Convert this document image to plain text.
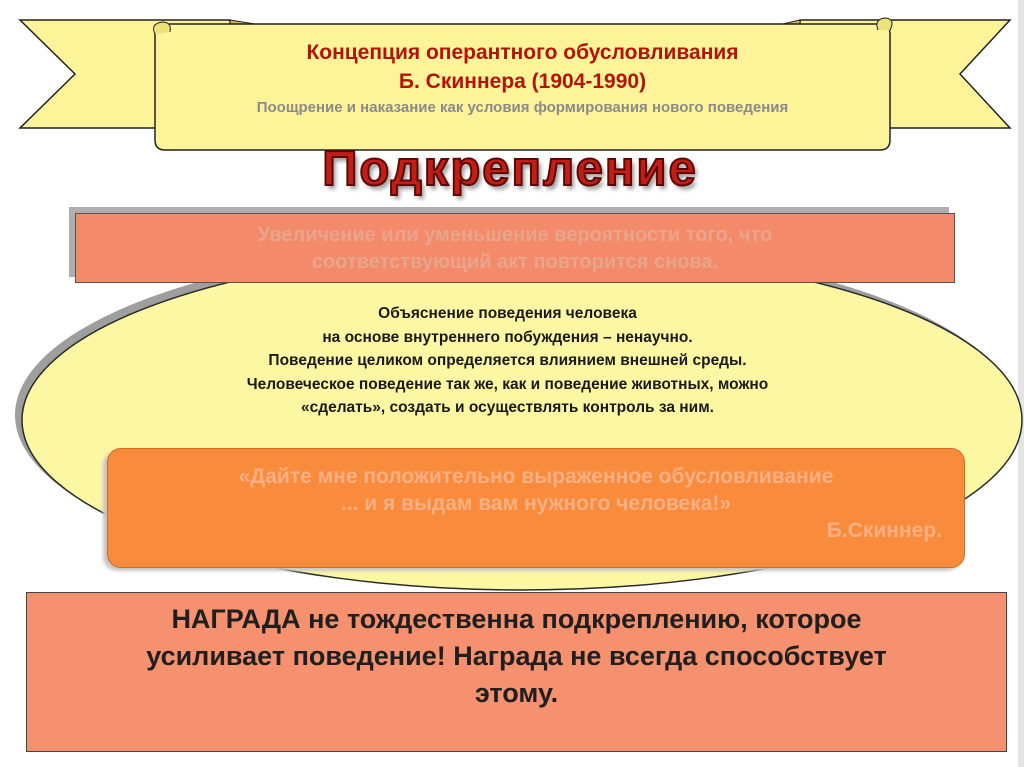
Концепция оперантного обусловливания
Б. Скиннера (1904-1990)
Поощрение и наказание как условия формирования нового поведения
Подкрепление
Увеличение или уменьшение вероятности того, что
соответствующий акт повторится снова.
Объяснение поведения человека
на основе внутреннего побуждения – ненаучно.
Поведение целиком определяется влиянием внешней среды.
Человеческое поведение так же, как и поведение животных, можно
«сделать», создать и осуществлять контроль за ним.
«Дайте мне положительно выраженное обусловливание
... и я выдам вам нужного человека!»
Б.Скиннер.
НАГРАДА не тождественна подкреплению, которое
усиливает поведение! Награда не всегда способствует
этому.
